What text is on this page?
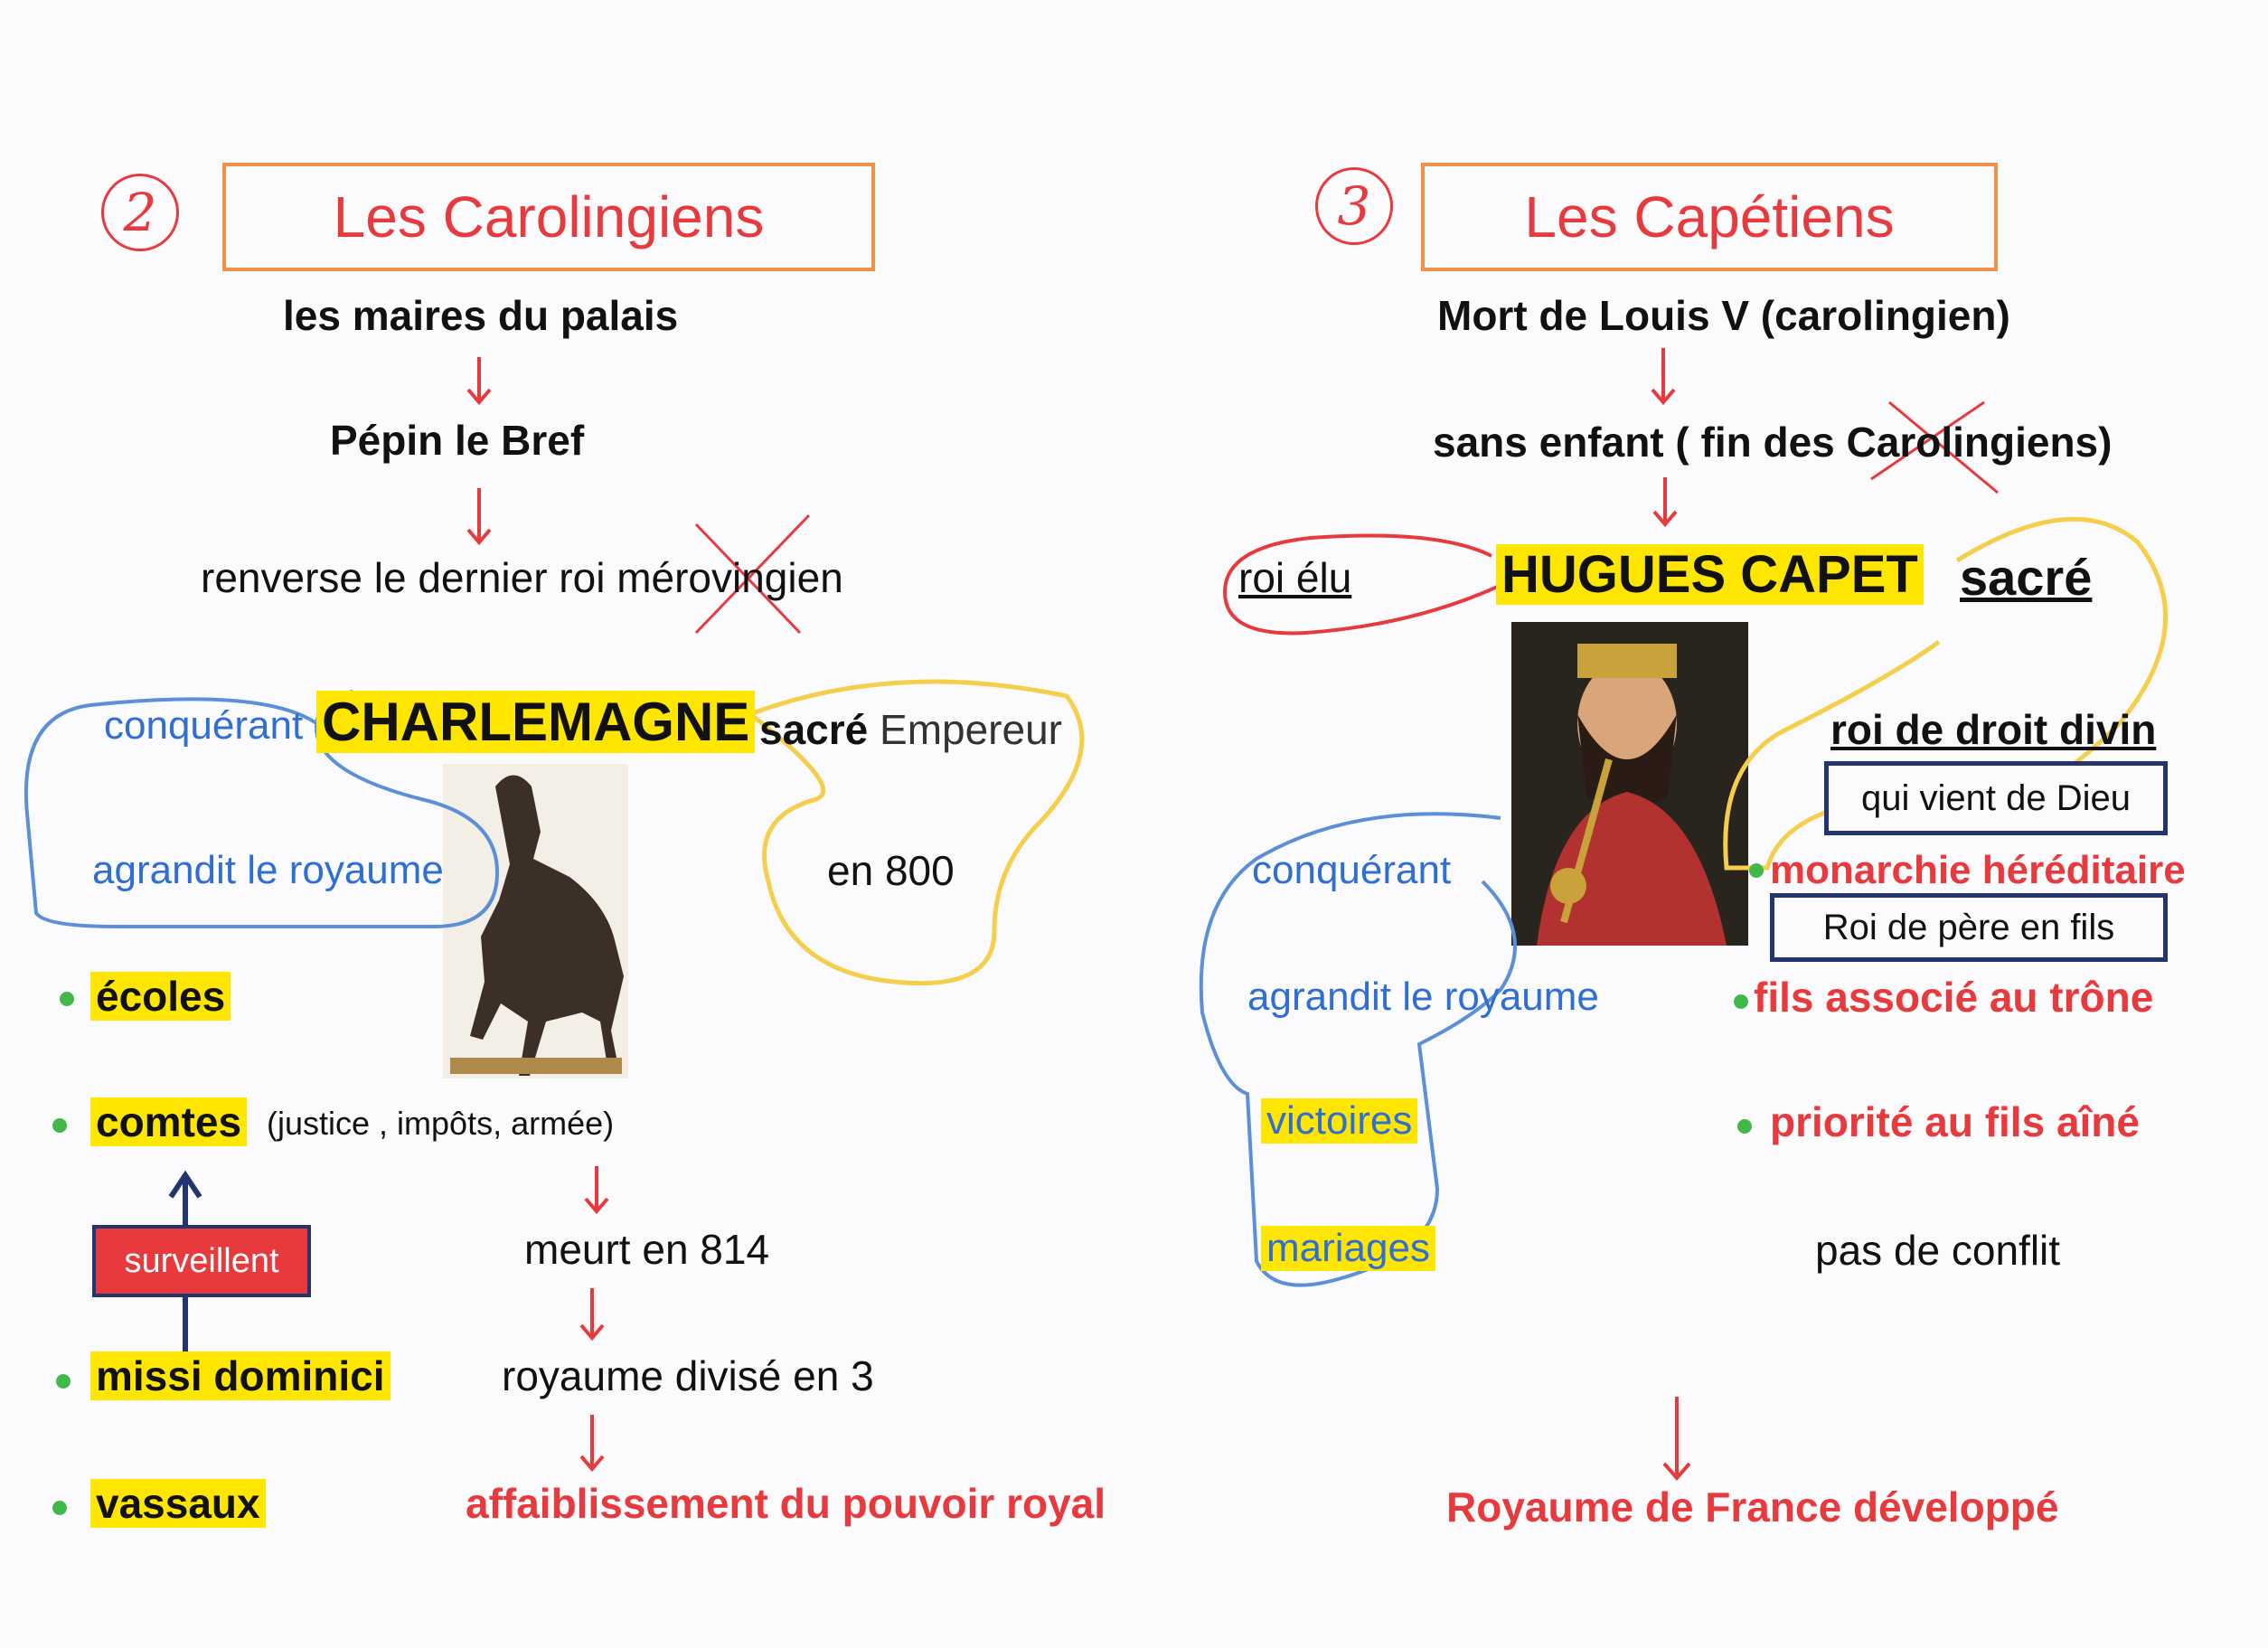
2	Les Carolingiens
les maires du palais
Pépin le Bref
renverse le dernier roi mérovingien
conquérant CHARLEMAGNE sacré Empereur
agrandit le royaume	en 800
écoles
comtes (justice , impôts, armée)
surveillent	meurt en 814
missi dominici	royaume divisé en 3
vassaux	affaiblissement du pouvoir royal
3	Les Capétiens
Mort de Louis V (carolingien)
sans enfant ( fin des Carolingiens)
roi élu	HUGUES CAPET sacré
roi de droit divin
qui vient de Dieu
conquérant	monarchie héréditaire
Roi de père en fils
agrandit le royaume	fils associé au trône
victoires	priorité au fils aîné
mariages	pas de conflit
Royaume de France développé
